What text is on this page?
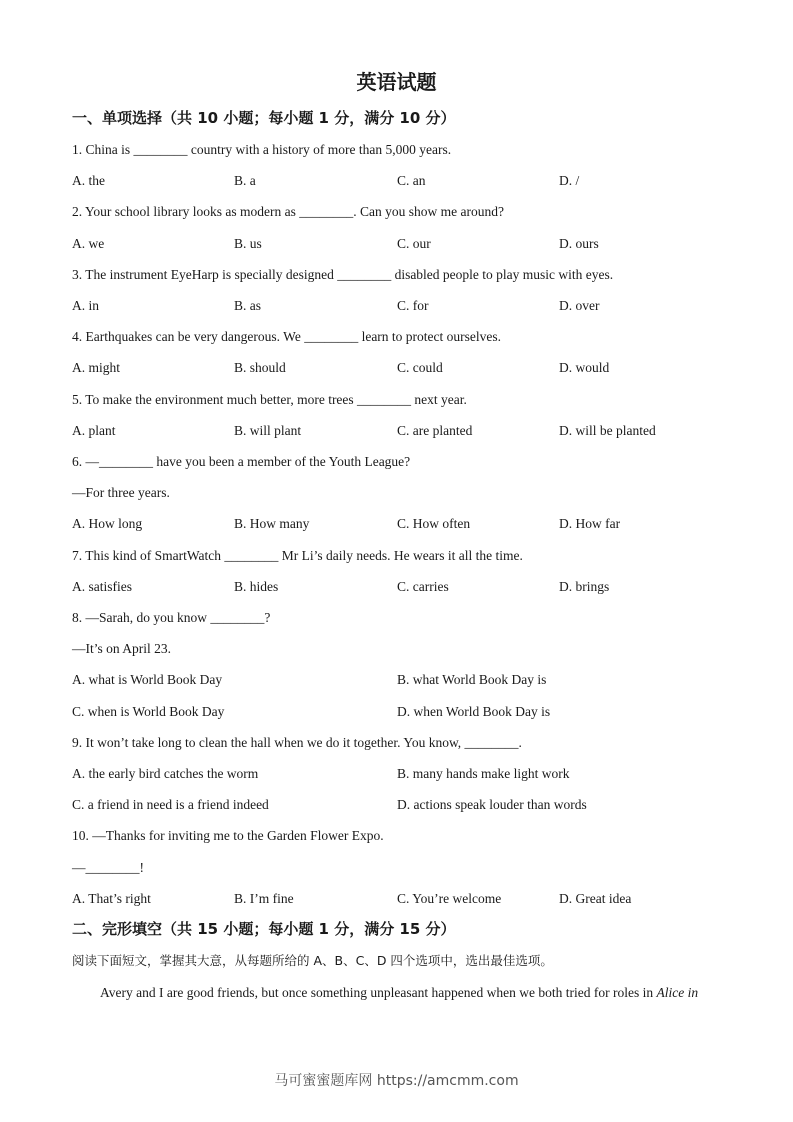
英语试题
一、单项选择（共 10 小题；每小题 1 分，满分 10 分）
1. China is ________ country with a history of more than 5,000 years.
A. the	B. a	C. an	D. /
2. Your school library looks as modern as ________. Can you show me around?
A. we	B. us	C. our	D. ours
3. The instrument EyeHarp is specially designed ________ disabled people to play music with eyes.
A. in	B. as	C. for	D. over
4. Earthquakes can be very dangerous. We ________ learn to protect ourselves.
A. might	B. should	C. could	D. would
5. To make the environment much better, more trees ________ next year.
A. plant	B. will plant	C. are planted	D. will be planted
6. —________ have you been a member of the Youth League?
—For three years.
A. How long	B. How many	C. How often	D. How far
7. This kind of SmartWatch ________ Mr Li’s daily needs. He wears it all the time.
A. satisfies	B. hides	C. carries	D. brings
8. —Sarah, do you know ________?
—It’s on April 23.
A. what is World Book Day	B. what World Book Day is
C. when is World Book Day	D. when World Book Day is
9. It won’t take long to clean the hall when we do it together. You know, ________.
A. the early bird catches the worm	B. many hands make light work
C. a friend in need is a friend indeed	D. actions speak louder than words
10. —Thanks for inviting me to the Garden Flower Expo.
—________!
A. That’s right	B. I’m fine	C. You’re welcome	D. Great idea
二、完形填空（共 15 小题；每小题 1 分，满分 15 分）
阅读下面短文，掌握其大意，从每题所给的 A、B、C、D 四个选项中，选出最佳选项。
Avery and I are good friends, but once something unpleasant happened when we both tried for roles in Alice in
马可蜜蜜题库网 https://amcmm.com
